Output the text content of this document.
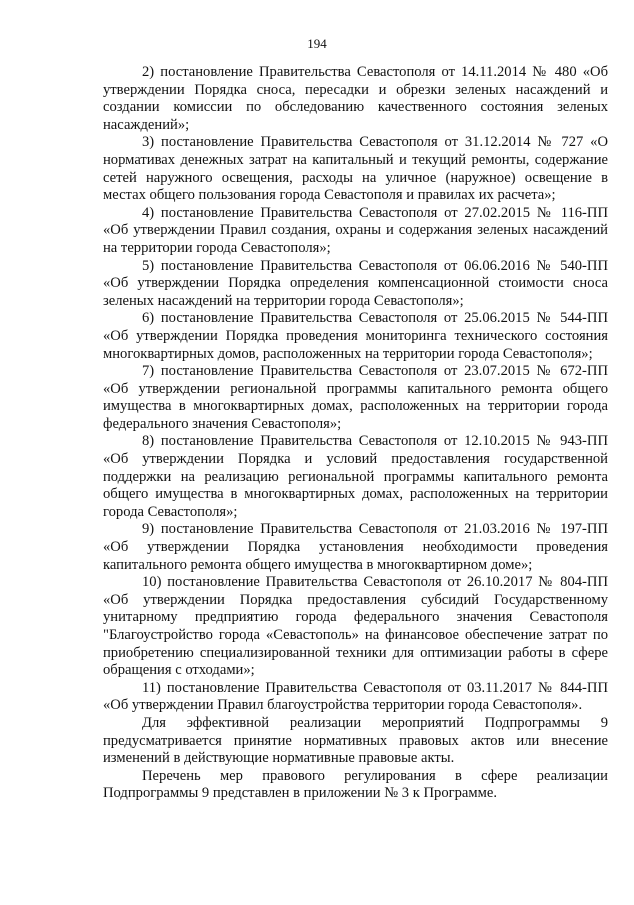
194

2) постановление Правительства Севастополя от 14.11.2014 № 480 «Об утверждении Порядка сноса, пересадки и обрезки зеленых насаждений и создании комиссии по обследованию качественного состояния зеленых насаждений»;

3) постановление Правительства Севастополя от 31.12.2014 № 727 «О нормативах денежных затрат на капитальный и текущий ремонты, содержание сетей наружного освещения, расходы на уличное (наружное) освещение в местах общего пользования города Севастополя и правилах их расчета»;

4) постановление Правительства Севастополя от 27.02.2015 № 116-ПП «Об утверждении Правил создания, охраны и содержания зеленых насаждений на территории города Севастополя»;

5) постановление Правительства Севастополя от 06.06.2016 № 540-ПП «Об утверждении Порядка определения компенсационной стоимости сноса зеленых насаждений на территории города Севастополя»;

6) постановление Правительства Севастополя от 25.06.2015 № 544-ПП «Об утверждении Порядка проведения мониторинга технического состояния многоквартирных домов, расположенных на территории города Севастополя»;

7) постановление Правительства Севастополя от 23.07.2015 № 672-ПП «Об утверждении региональной программы капитального ремонта общего имущества в многоквартирных домах, расположенных на территории города федерального значения Севастополя»;

8) постановление Правительства Севастополя от 12.10.2015 № 943-ПП «Об утверждении Порядка и условий предоставления государственной поддержки на реализацию региональной программы капитального ремонта общего имущества в многоквартирных домах, расположенных на территории города Севастополя»;

9) постановление Правительства Севастополя от 21.03.2016 № 197-ПП «Об утверждении Порядка установления необходимости проведения капитального ремонта общего имущества в многоквартирном доме»;

10) постановление Правительства Севастополя от 26.10.2017 № 804-ПП «Об утверждении Порядка предоставления субсидий Государственному унитарному предприятию города федерального значения Севастополя "Благоустройство города «Севастополь» на финансовое обеспечение затрат по приобретению специализированной техники для оптимизации работы в сфере обращения с отходами»;

11) постановление Правительства Севастополя от 03.11.2017 № 844-ПП «Об утверждении Правил благоустройства территории города Севастополя».

Для эффективной реализации мероприятий Подпрограммы 9 предусматривается принятие нормативных правовых актов или внесение изменений в действующие нормативные правовые акты.

Перечень мер правового регулирования в сфере реализации Подпрограммы 9 представлен в приложении № 3 к Программе.
